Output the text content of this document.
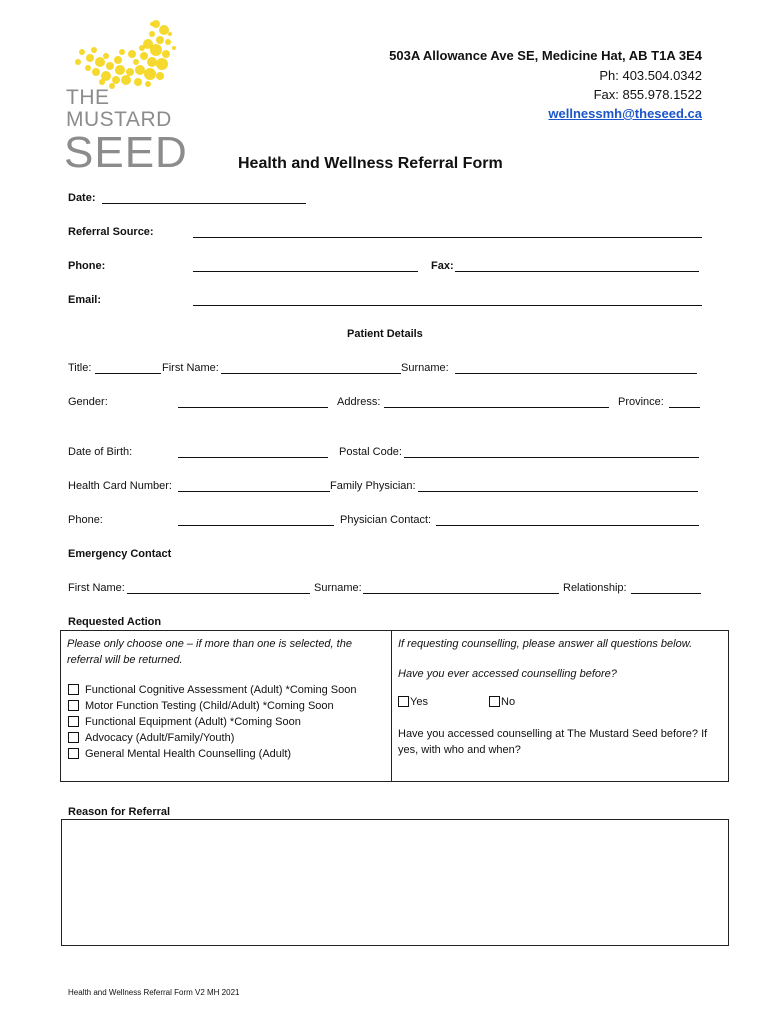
THE
MUSTARD
SEED
503A Allowance Ave SE, Medicine Hat, AB T1A 3E4
Ph: 403.504.0342
Fax: 855.978.1522
wellnessmh@theseed.ca
Health and Wellness Referral Form
Date:
Referral Source:
Phone:	Fax:
Email:
Patient Details
Title:	First Name:	Surname:
Gender:	Address:	Province:
Date of Birth:	Postal Code:
Health Card Number:	Family Physician:
Phone:	Physician Contact:
Emergency Contact
First Name:	Surname:	Relationship:
Requested Action
Please only choose one – if more than one is selected, the
referral will be returned.
Functional Cognitive Assessment (Adult) *Coming Soon
Motor Function Testing (Child/Adult) *Coming Soon
Functional Equipment (Adult) *Coming Soon
Advocacy (Adult/Family/Youth)
General Mental Health Counselling (Adult)
If requesting counselling, please answer all questions below.
Have you ever accessed counselling before?
Yes	No
Have you accessed counselling at The Mustard Seed before? If
yes, with who and when?
Reason for Referral
Health and Wellness Referral Form V2 MH 2021
